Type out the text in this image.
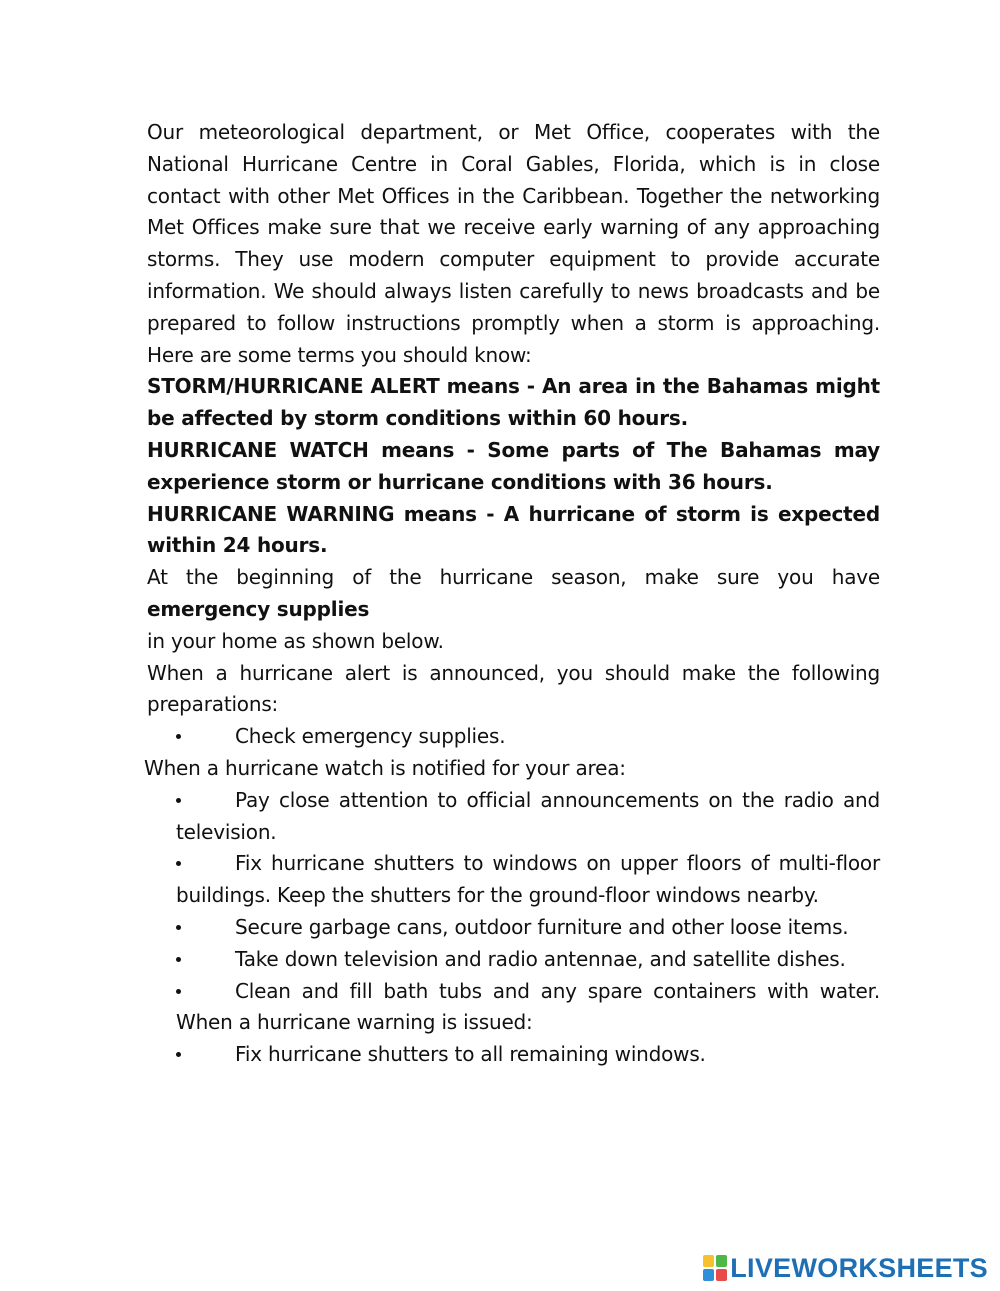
Our meteorological department, or Met Office, cooperates with the National Hurricane Centre in Coral Gables, Florida, which is in close contact with other Met Offices in the Caribbean. Together the networking Met Offices make sure that we receive early warning of any approaching storms. They use modern computer equipment to provide accurate information. We should always listen carefully to news broadcasts and be prepared to follow instructions promptly when a storm is approaching. Here are some terms you should know:

STORM/HURRICANE ALERT means - An area in the Bahamas might be affected by storm conditions within 60 hours.

HURRICANE WATCH means - Some parts of The Bahamas may experience storm or hurricane conditions with 36 hours.

HURRICANE WARNING means - A hurricane of storm is expected within 24 hours.

At the beginning of the hurricane season, make sure you have emergency supplies

in your home as shown below.

When a hurricane alert is announced, you should make the following preparations:

Check emergency supplies.

When a hurricane watch is notified for your area:

Pay close attention to official announcements on the radio and television.
Fix hurricane shutters to windows on upper floors of multi-floor buildings. Keep the shutters for the ground-floor windows nearby.
Secure garbage cans, outdoor furniture and other loose items.
Take down television and radio antennae, and satellite dishes.
Clean and fill bath tubs and any spare containers with water. When a hurricane warning is issued:
Fix hurricane shutters to all remaining windows.
LIVEWORKSHEETS
